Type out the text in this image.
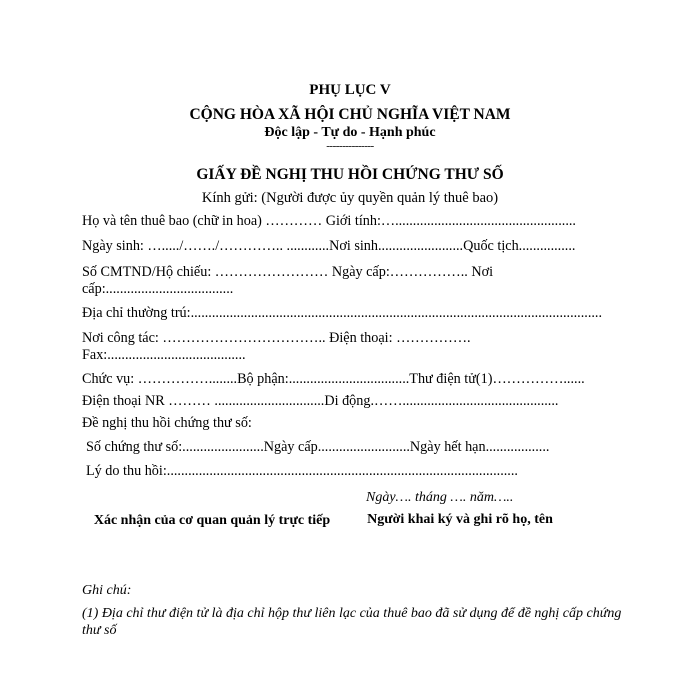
PHỤ LỤC V
CỘNG HÒA XÃ HỘI CHỦ NGHĨA VIỆT NAM
Độc lập - Tự do - Hạnh phúc
---------------
GIẤY ĐỀ NGHỊ THU HỒI CHỨNG THƯ SỐ
Kính gửi: (Người được ủy quyền quản lý thuê bao)
Họ và tên thuê bao (chữ in hoa) ………… Giới tính:…...................................................
Ngày sinh: …...../……./………….. ............Nơi sinh........................Quốc tịch................
Số CMTND/Hộ chiếu: …………………… Ngày cấp:…………….. Nơi
cấp:....................................
Địa chỉ thường trú:....................................................................................................................
Nơi công tác: …………………………….. Điện thoại: …………….
Fax:.......................................
Chức vụ: ……………........Bộ phận:..................................Thư điện tử(1)……………......
Điện thoại NR ……… ...............................Di động.……............................................
Đề nghị thu hồi chứng thư số:
Số chứng thư số:.......................Ngày cấp..........................Ngày hết hạn..................
Lý do thu hồi:...................................................................................................
Ngày…. tháng …. năm…..
Xác nhận của cơ quan quản lý trực tiếp	Người khai ký và ghi rõ họ, tên
Ghi chú:
(1) Địa chỉ thư điện tử là địa chỉ hộp thư liên lạc của thuê bao đã sử dụng để đề nghị cấp chứng thư số
